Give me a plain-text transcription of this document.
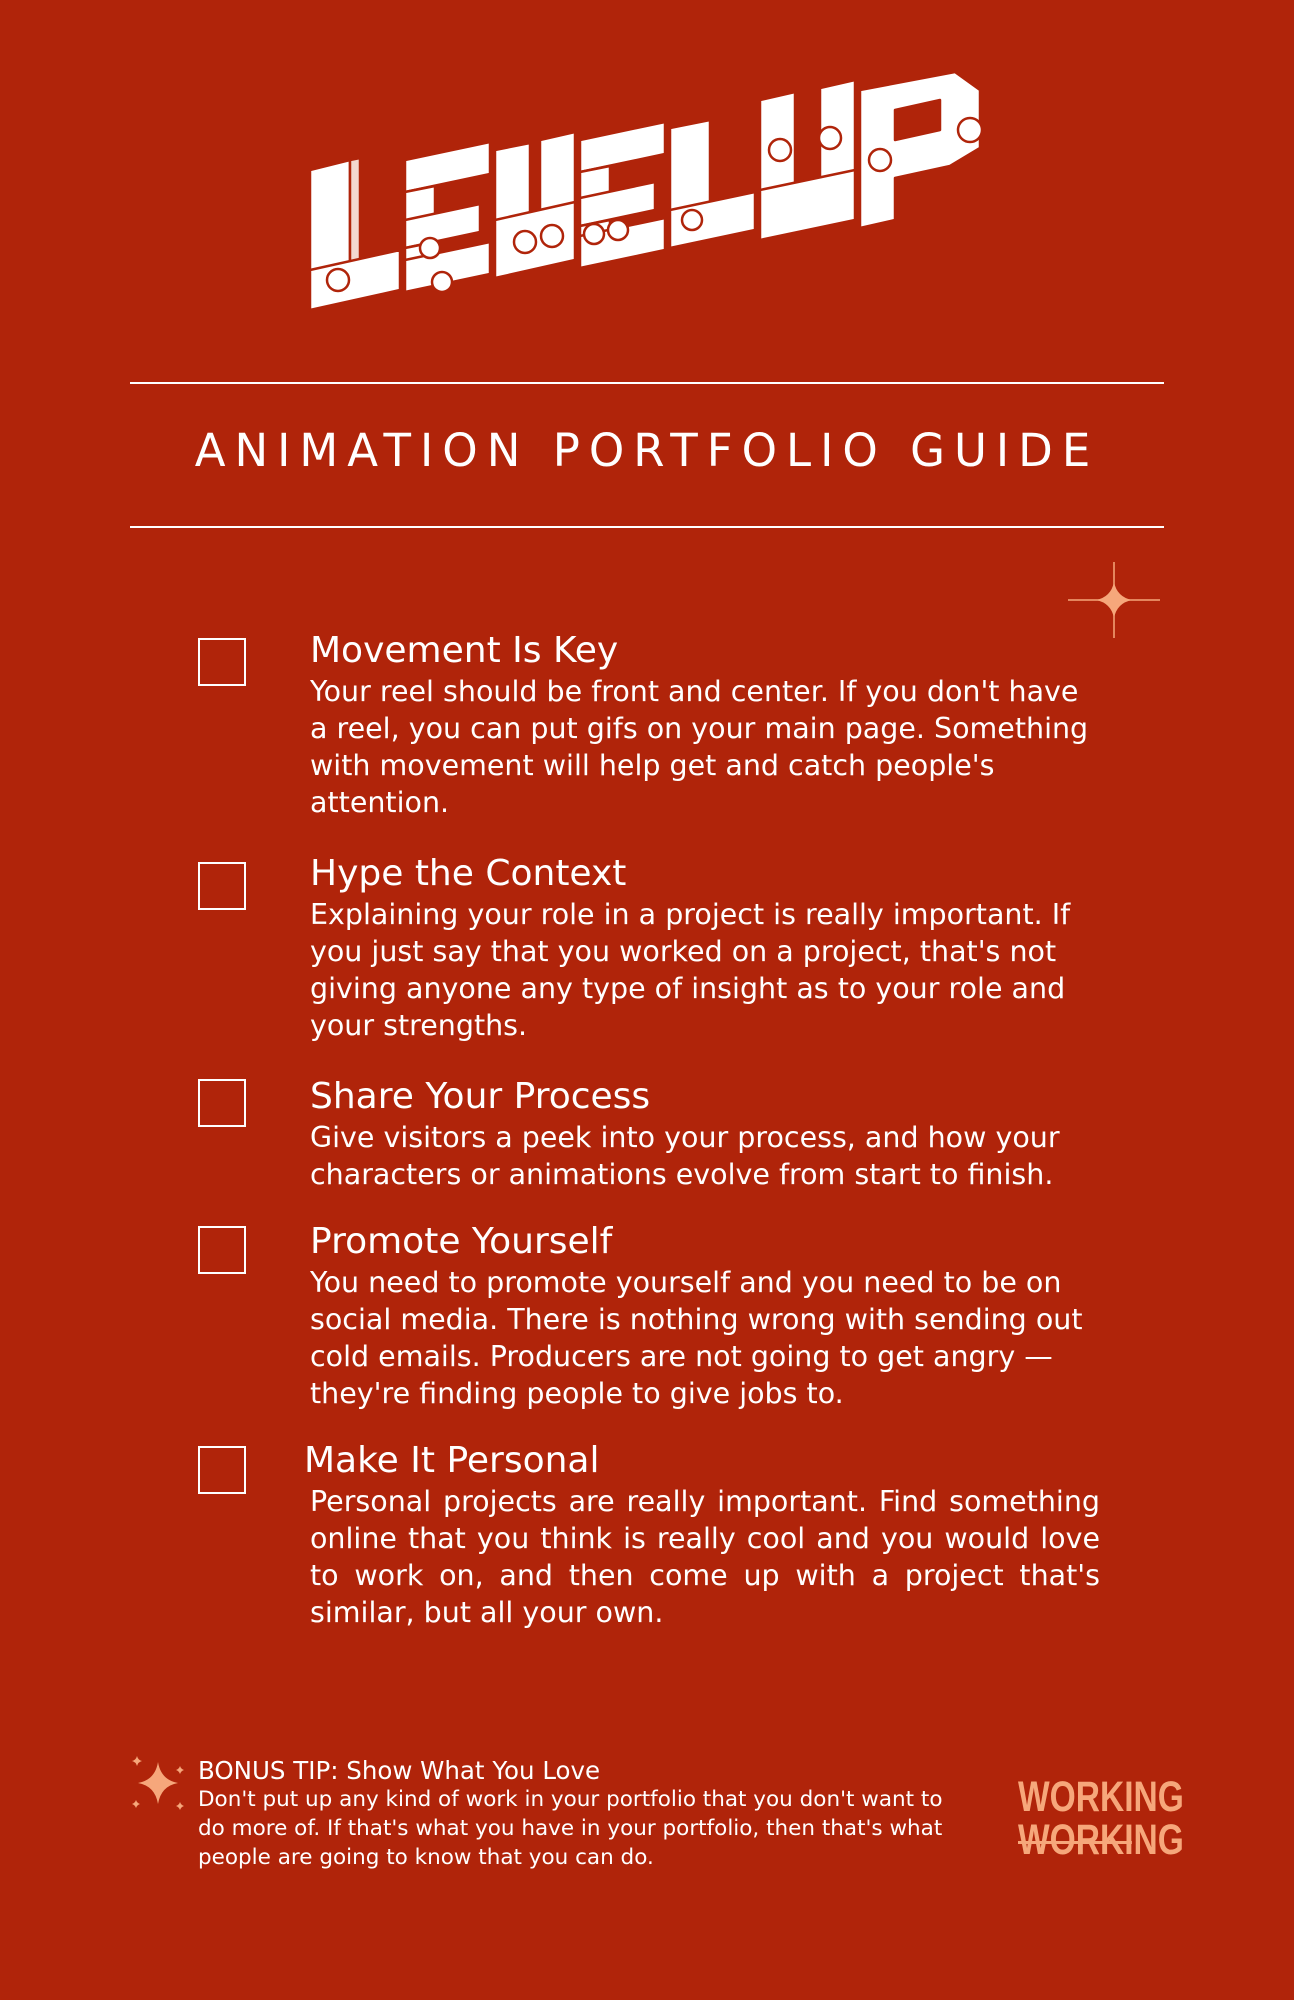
ANIMATION PORTFOLIO GUIDE
Movement Is Key

Your reel should be front and center. If you don't have a reel, you can put gifs on your main page. Something with movement will help get and catch people's attention.

Hype the Context

Explaining your role in a project is really important. If you just say that you worked on a project, that's not giving anyone any type of insight as to your role and your strengths.

Share Your Process

Give visitors a peek into your process, and how your characters or animations evolve from start to finish.

Promote Yourself

You need to promote yourself and you need to be on social media. There is nothing wrong with sending out cold emails. Producers are not going to get angry — they're finding people to give jobs to.

Make It Personal

Personal projects are really important. Find something online that you think is really cool and you would love to work on, and then come up with a project that's similar, but all your own.

BONUS TIP: Show What You Love
Don't put up any kind of work in your portfolio that you don't want to do more of. If that's what you have in your portfolio, then that's what people are going to know that you can do.
WORKING
WORKING
